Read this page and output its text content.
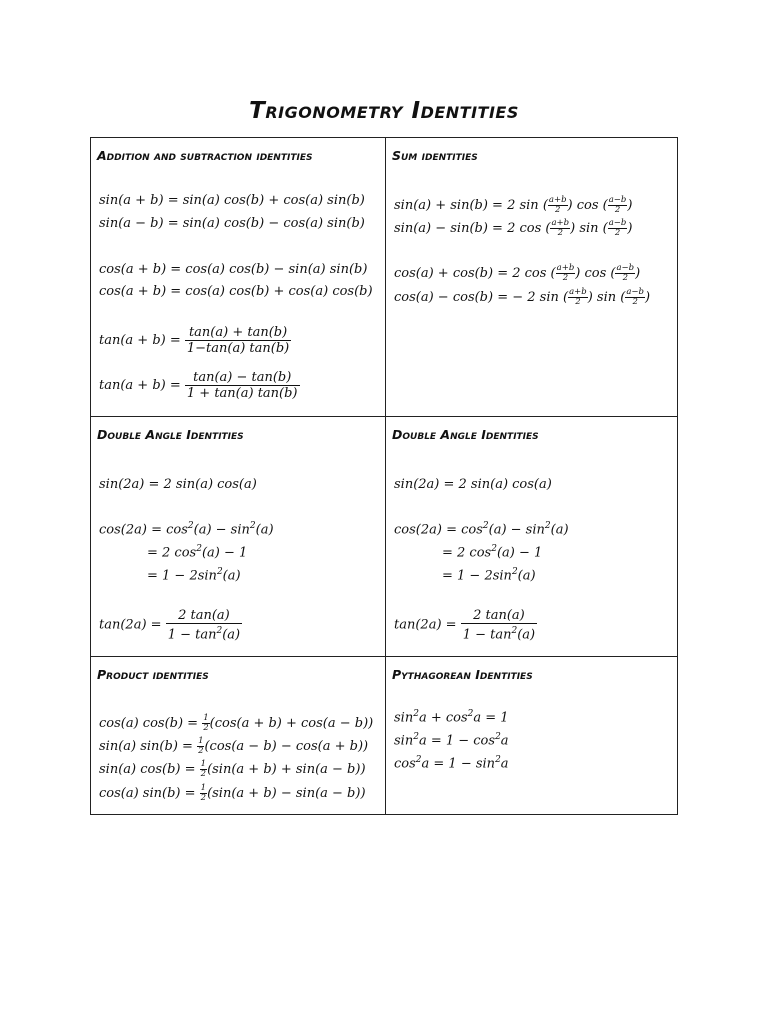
Trigonometry Identities
Addition and subtraction identities
sin(a + b) = sin(a) cos(b) + cos(a) sin(b)
sin(a − b) = sin(a) cos(b) − cos(a) sin(b)
cos(a + b) = cos(a) cos(b) − sin(a) sin(b)
cos(a + b) = cos(a) cos(b) + cos(a) cos(b)
$\tan(a + b) = \frac{\tan(a) + \tan(b)}{1-\tan(a) \tan(b)}$
$\tan(a + b) = \frac{\tan(a) - \tan(b)}{1 + \tan(a) \tan(b)}$
Sum identities
sin(a) + sin(b) = 2 sin ( $\frac{a+b}{2}$ ) cos ( $\frac{a-b}{2}$ )
sin(a) − sin(b) = 2 cos ( $\frac{a+b}{2}$ ) sin ( $\frac{a-b}{2}$ )
cos(a) + cos(b) = 2 cos ( $\frac{a+b}{2}$ ) cos ( $\frac{a-b}{2}$ )
cos(a) − cos(b) = − 2 sin ( $\frac{a+b}{2}$ ) sin ( $\frac{a-b}{2}$ )
Double Angle Identities
sin(2a) = 2 sin(a) cos(a)
$\cos(2a) = \cos^2(a) - \sin^2(a)$
= 2 $\cos^2(a) - 1$
= $1 - 2\sin^2(a)$
$\tan(2a) = \frac{2 \tan(a)}{1 - \tan^2(a)}$
Double Angle Identities
sin(2a) = 2 sin(a) cos(a)
$\cos(2a) = \cos^2(a) - \sin^2(a)$
= 2 $\cos^2(a) - 1$
= $1 - 2\sin^2(a)$
$\tan(2a) = \frac{2 \tan(a)}{1 - \tan^2(a)}$
Product identities
cos(a) $\cos(b) = \frac{1}{2} (\cos(a + b) + \cos(a - b))$
sin(a) $\sin(b) = \frac{1}{2} (\cos(a - b) - \cos(a + b))$
sin(a) $\cos(b) = \frac{1}{2} (\sin(a + b) + \sin(a - b))$
cos(a) $\sin(b) = \frac{1}{2} (\sin(a + b) - \sin(a - b))$
Pythagorean Identities
$\sin^2a + \cos^2a = 1$
$\sin^2a = 1 - \cos^2a$
$\cos^2a = 1 - \sin^2a$
